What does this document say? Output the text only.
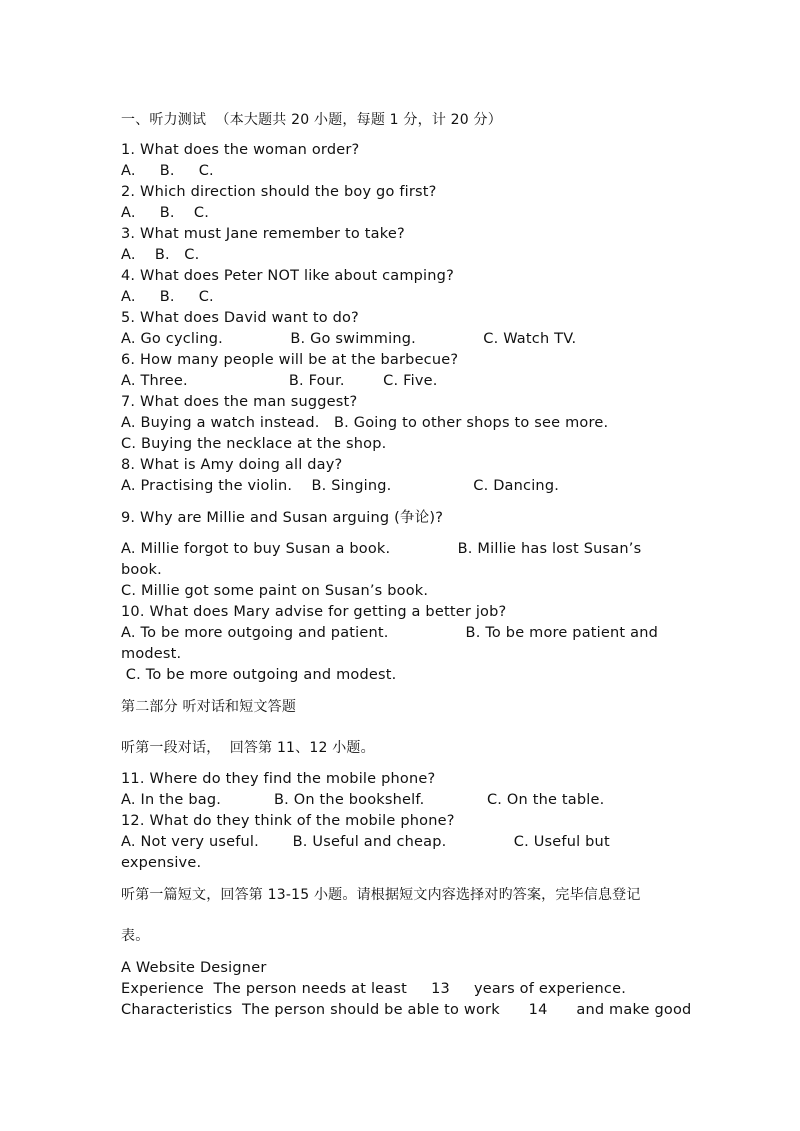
一、听力测试  （本大题共 20 小题，每题 1 分，计 20 分）
1. What does the woman order?
A.     B.     C.
2. Which direction should the boy go first?
A.     B.    C.
3. What must Jane remember to take?
A.    B.   C.
4. What does Peter NOT like about camping?
A.     B.     C.
5. What does David want to do?
A. Go cycling.              B. Go swimming.              C. Watch TV.
6. How many people will be at the barbecue?
A. Three.                     B. Four.        C. Five.
7. What does the man suggest?
A. Buying a watch instead.   B. Going to other shops to see more.
C. Buying the necklace at the shop.
8. What is Amy doing all day?
A. Practising the violin.    B. Singing.                 C. Dancing.
9. Why are Millie and Susan arguing (争论)?
A. Millie forgot to buy Susan a book.              B. Millie has lost Susan’s
book.
C. Millie got some paint on Susan’s book.
10. What does Mary advise for getting a better job?
A. To be more outgoing and patient.                B. To be more patient and
modest.
C. To be more outgoing and modest.
第二部分 听对话和短文答题
听第一段对话，  回答第 11、12 小题。
11. Where do they find the mobile phone?
A. In the bag.           B. On the bookshelf.             C. On the table.
12. What do they think of the mobile phone?
A. Not very useful.       B. Useful and cheap.              C. Useful but
expensive.
听第一篇短文，回答第 13-15 小题。请根据短文内容选择对旳答案，完毕信息登记
表。
A Website Designer
Experience  The person needs at least     13     years of experience.
Characteristics  The person should be able to work      14      and make good
